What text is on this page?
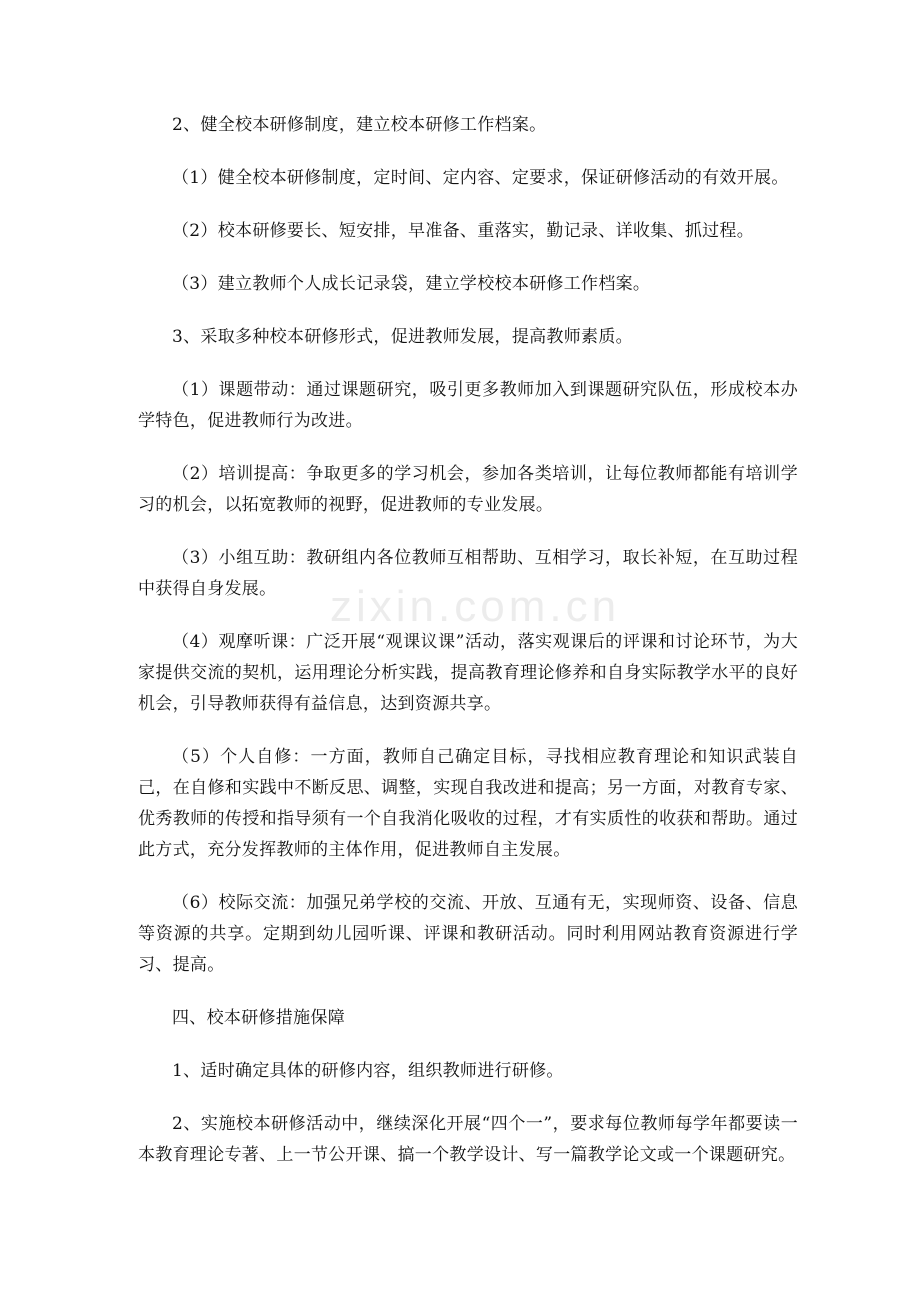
zixin.com.cn

2、健全校本研修制度，建立校本研修工作档案。

（1）健全校本研修制度，定时间、定内容、定要求，保证研修活动的有效开展。

（2）校本研修要长、短安排，早准备、重落实，勤记录、详收集、抓过程。

（3）建立教师个人成长记录袋，建立学校校本研修工作档案。

3、采取多种校本研修形式，促进教师发展，提高教师素质。

（1）课题带动：通过课题研究，吸引更多教师加入到课题研究队伍，形成校本办学特色，促进教师行为改进。

（2）培训提高：争取更多的学习机会，参加各类培训，让每位教师都能有培训学习的机会，以拓宽教师的视野，促进教师的专业发展。

（3）小组互助：教研组内各位教师互相帮助、互相学习，取长补短，在互助过程中获得自身发展。

（4）观摩听课：广泛开展“观课议课”活动，落实观课后的评课和讨论环节，为大家提供交流的契机，运用理论分析实践，提高教育理论修养和自身实际教学水平的良好机会，引导教师获得有益信息，达到资源共享。

（5）个人自修：一方面，教师自己确定目标，寻找相应教育理论和知识武装自己，在自修和实践中不断反思、调整，实现自我改进和提高；另一方面，对教育专家、优秀教师的传授和指导须有一个自我消化吸收的过程，才有实质性的收获和帮助。通过此方式，充分发挥教师的主体作用，促进教师自主发展。

（6）校际交流：加强兄弟学校的交流、开放、互通有无，实现师资、设备、信息等资源的共享。定期到幼儿园听课、评课和教研活动。同时利用网站教育资源进行学习、提高。

四、校本研修措施保障

1、适时确定具体的研修内容，组织教师进行研修。

2、实施校本研修活动中，继续深化开展“四个一”，要求每位教师每学年都要读一本教育理论专著、上一节公开课、搞一个教学设计、写一篇教学论文或一个课题研究。
